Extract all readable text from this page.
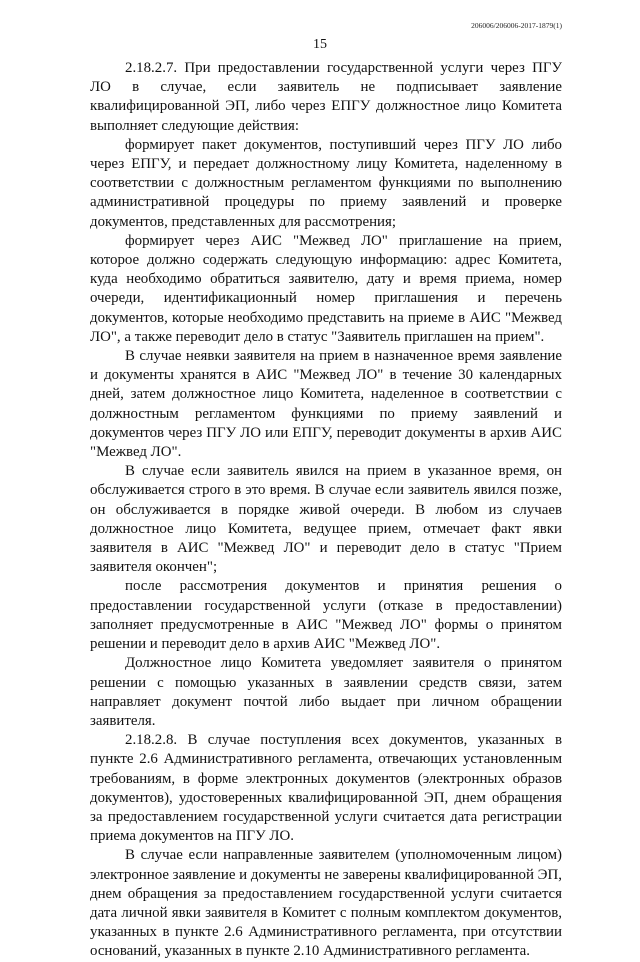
206006/206006-2017-1879(1)
15

2.18.2.7. При предоставлении государственной услуги через ПГУ ЛО в случае, если заявитель не подписывает заявление квалифицированной ЭП, либо через ЕПГУ должностное лицо Комитета выполняет следующие действия:

формирует пакет документов, поступивший через ПГУ ЛО либо через ЕПГУ, и передает должностному лицу Комитета, наделенному в соответствии с должностным регламентом функциями по выполнению административной процедуры по приему заявлений и проверке документов, представленных для рассмотрения;

формирует через АИС "Межвед ЛО" приглашение на прием, которое должно содержать следующую информацию: адрес Комитета, куда необходимо обратиться заявителю, дату и время приема, номер очереди, идентификационный номер приглашения и перечень документов, которые необходимо представить на приеме в АИС "Межвед ЛО", а также переводит дело в статус "Заявитель приглашен на прием".

В случае неявки заявителя на прием в назначенное время заявление и документы хранятся в АИС "Межвед ЛО" в течение 30 календарных дней, затем должностное лицо Комитета, наделенное в соответствии с должностным регламентом функциями по приему заявлений и документов через ПГУ ЛО или ЕПГУ, переводит документы в архив АИС "Межвед ЛО".

В случае если заявитель явился на прием в указанное время, он обслуживается строго в это время. В случае если заявитель явился позже, он обслуживается в порядке живой очереди. В любом из случаев должностное лицо Комитета, ведущее прием, отмечает факт явки заявителя в АИС "Межвед ЛО" и переводит дело в статус "Прием заявителя окончен";

после рассмотрения документов и принятия решения о предоставлении государственной услуги (отказе в предоставлении) заполняет предусмотренные в АИС "Межвед ЛО" формы о принятом решении и переводит дело в архив АИС "Межвед ЛО".

Должностное лицо Комитета уведомляет заявителя о принятом решении с помощью указанных в заявлении средств связи, затем направляет документ почтой либо выдает при личном обращении заявителя.

2.18.2.8. В случае поступления всех документов, указанных в пункте 2.6 Административного регламента, отвечающих установленным требованиям, в форме электронных документов (электронных образов документов), удостоверенных квалифицированной ЭП, днем обращения за предоставлением государственной услуги считается дата регистрации приема документов на ПГУ ЛО.

В случае если направленные заявителем (уполномоченным лицом) электронное заявление и документы не заверены квалифицированной ЭП, днем обращения за предоставлением государственной услуги считается дата личной явки заявителя в Комитет с полным комплектом документов, указанных в пункте 2.6 Административного регламента, при отсутствии оснований, указанных в пункте 2.10 Административного регламента.
